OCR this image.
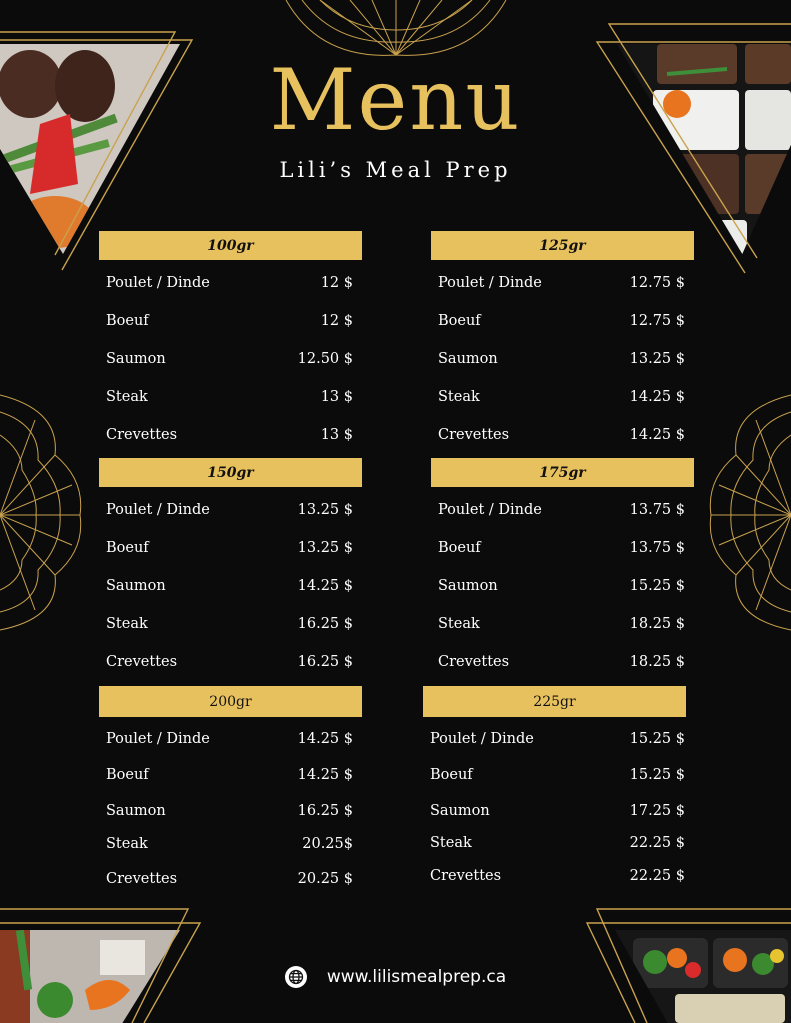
Menu
Lili’s Meal Prep
100gr
Poulet / Dinde	12 $
Boeuf	12 $
Saumon	12.50 $
Steak	13 $
Crevettes	13 $
125gr
Poulet / Dinde	12.75 $
Boeuf	12.75 $
Saumon	13.25 $
Steak	14.25 $
Crevettes	14.25 $
150gr
Poulet / Dinde	13.25 $
Boeuf	13.25 $
Saumon	14.25 $
Steak	16.25 $
Crevettes	16.25 $
175gr
Poulet / Dinde	13.75 $
Boeuf	13.75 $
Saumon	15.25 $
Steak	18.25 $
Crevettes	18.25 $
200gr
Poulet / Dinde	14.25 $
Boeuf	14.25 $
Saumon	16.25 $
Steak	20.25$
Crevettes	20.25 $
225gr
Poulet / Dinde	15.25 $
Boeuf	15.25 $
Saumon	17.25 $
Steak	22.25 $
Crevettes	22.25 $
www.lilismealprep.ca
